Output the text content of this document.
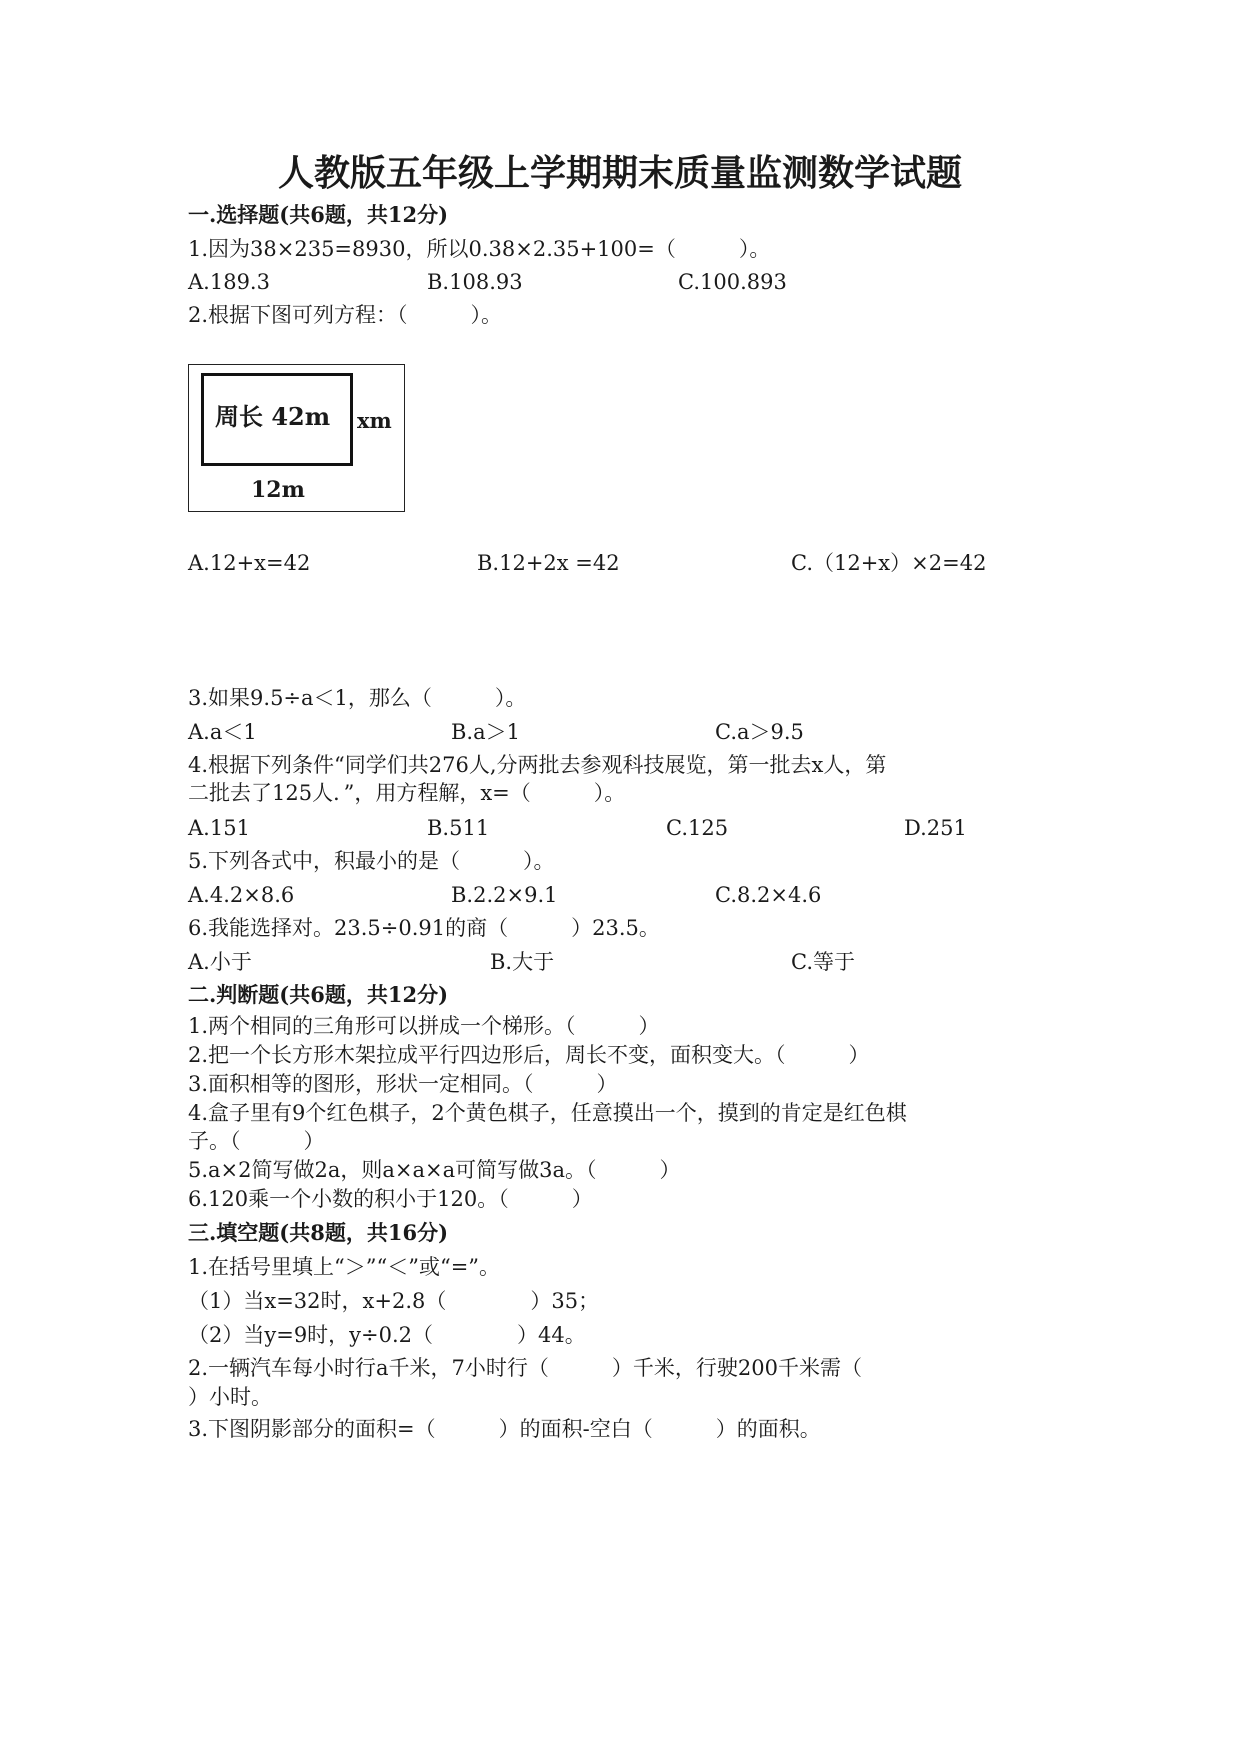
人教版五年级上学期期末质量监测数学试题
一.选择题(共6题，共12分)
1.因为38×235=8930，所以0.38×2.35+100=（　　　）。
A.189.3	B.108.93	C.100.893
2.根据下图可列方程：（　　　）。
周长 42m xm
12m
A.12+x=42	B.12+2x =42	C.（12+x）×2=42
3.如果9.5÷a＜1，那么（　　　）。
A.a＜1	B.a＞1	C.a＞9.5
4.根据下列条件“同学们共276人,分两批去参观科技展览，第一批去x人，第
二批去了125人．”，用方程解，x=（　　　）。
A.151	B.511	C.125	D.251
5.下列各式中，积最小的是（　　　）。
A.4.2×8.6	B.2.2×9.1	C.8.2×4.6
6.我能选择对。23.5÷0.91的商（　　　）23.5。
A.小于	B.大于	C.等于
二.判断题(共6题，共12分)
1.两个相同的三角形可以拼成一个梯形。（　　　）
2.把一个长方形木架拉成平行四边形后，周长不变，面积变大。（　　　）
3.面积相等的图形，形状一定相同。（　　　）
4.盒子里有9个红色棋子，2个黄色棋子，任意摸出一个，摸到的肯定是红色棋
子。（　　　）
5.a×2简写做2a，则a×a×a可简写做3a。（　　　）
6.120乘一个小数的积小于120。（　　　）
三.填空题(共8题，共16分)
1.在括号里填上“＞”“＜”或“=”。
（1）当x=32时，x+2.8（　　　　）35；
（2）当y=9时，y÷0.2（　　　　）44。
2.一辆汽车每小时行a千米，7小时行（　　　）千米，行驶200千米需（
）小时。
3.下图阴影部分的面积=（　　　）的面积-空白（　　　）的面积。
